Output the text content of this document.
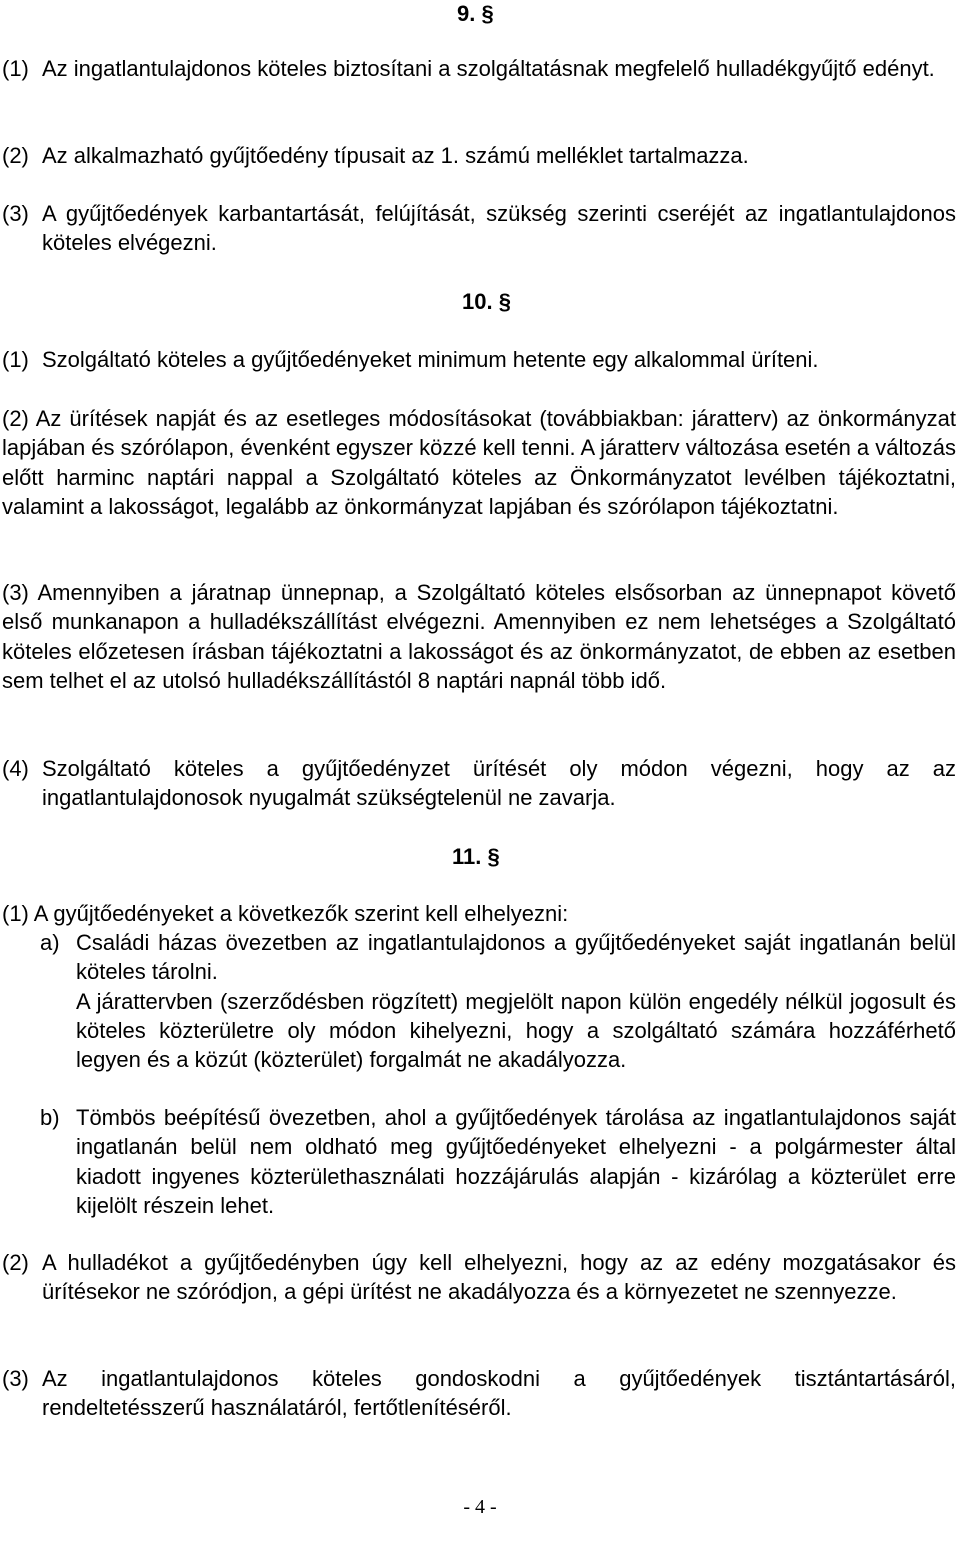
9. §
(1) Az ingatlantulajdonos köteles biztosítani a szolgáltatásnak megfelelő hulladékgyűjtő edényt.
(2) Az alkalmazható gyűjtőedény típusait az 1. számú melléklet tartalmazza.
(3) A gyűjtőedények karbantartását, felújítását, szükség szerinti cseréjét az ingatlantulajdonos köteles elvégezni.
10. §
(1) Szolgáltató köteles a gyűjtőedényeket minimum hetente egy alkalommal üríteni.
(2) Az ürítések napját és az esetleges módosításokat (továbbiakban: járatterv) az önkormányzat lapjában és szórólapon, évenként egyszer közzé kell tenni. A járatterv változása esetén a változás előtt harminc naptári nappal a Szolgáltató köteles az Önkormányzatot levélben tájékoztatni, valamint a lakosságot, legalább az önkormányzat lapjában és szórólapon tájékoztatni.
(3) Amennyiben a járatnap ünnepnap, a Szolgáltató köteles elsősorban az ünnepnapot követő első munkanapon a hulladékszállítást elvégezni. Amennyiben ez nem lehetséges a Szolgáltató köteles előzetesen írásban tájékoztatni a lakosságot és az önkormányzatot, de ebben az esetben sem telhet el az utolsó hulladékszállítástól 8 naptári napnál több idő.
(4) Szolgáltató köteles a gyűjtőedényzet ürítését oly módon végezni, hogy az az ingatlantulajdonosok nyugalmát szükségtelenül ne zavarja.
11. §
(1) A gyűjtőedényeket a következők szerint kell elhelyezni:
a) Családi házas övezetben az ingatlantulajdonos a gyűjtőedényeket saját ingatlanán belül köteles tárolni.

A járattervben (szerződésben rögzített) megjelölt napon külön engedély nélkül jogosult és köteles közterületre oly módon kihelyezni, hogy a szolgáltató számára hozzáférhető legyen és a közút (közterület) forgalmát ne akadályozza.

b) Tömbös beépítésű övezetben, ahol a gyűjtőedények tárolása az ingatlantulajdonos saját ingatlanán belül nem oldható meg gyűjtőedényeket elhelyezni - a polgármester által kiadott ingyenes közterülethasználati hozzájárulás alapján - kizárólag a közterület erre kijelölt részein lehet.

(2) A hulladékot a gyűjtőedényben úgy kell elhelyezni, hogy az az edény mozgatásakor és ürítésekor ne szóródjon, a gépi ürítést ne akadályozza és a környezetet ne szennyezze.
(3) Az ingatlantulajdonos köteles gondoskodni a gyűjtőedények tisztántartásáról, rendeltetésszerű használatáról, fertőtlenítéséről.
- 4 -
